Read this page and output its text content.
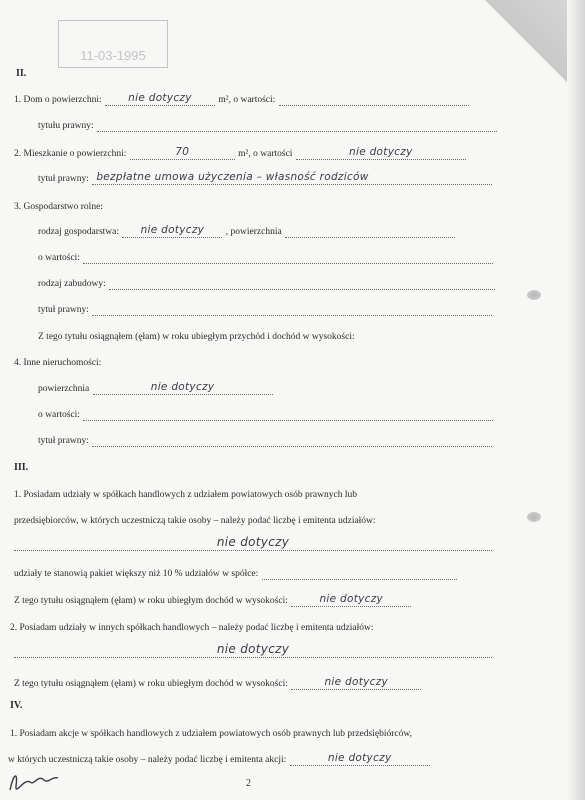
11-03-1995
II.
1. Dom o powierzchni:	nie dotyczy	m², o wartości:
tytułu prawny:
2. Mieszkanie o powierzchni:	70	m², o wartości	nie dotyczy
tytuł prawny: bezpłatne umowa użyczenia – własność rodziców
3. Gospodarstwo rolne:
rodzaj gospodarstwa:	nie dotyczy	, powierzchnia
o wartości:
rodzaj zabudowy:
tytuł prawny:
Z tego tytułu osiągnąłem (ęłam) w roku ubiegłym przychód i dochód w wysokości:
4. Inne nieruchomości:
powierzchnia	nie dotyczy
o wartości:
tytuł prawny:
III.
1. Posiadam udziały w spółkach handlowych z udziałem powiatowych osób prawnych lub
przedsiębiorców, w których uczestniczą takie osoby – należy podać liczbę i emitenta udziałów:
nie dotyczy
udziały te stanowią pakiet większy niż 10 % udziałów w spółce:
Z tego tytułu osiągnąłem (ęłam) w roku ubiegłym dochód w wysokości:	nie dotyczy
2. Posiadam udziały w innych spółkach handlowych – należy podać liczbę i emitenta udziałów:
nie dotyczy
Z tego tytułu osiągnąłem (ęłam) w roku ubiegłym dochód w wysokości:	nie dotyczy
IV.
1. Posiadam akcje w spółkach handlowych z udziałem powiatowych osób prawnych lub przedsiębiórców,
w których uczestniczą takie osoby – należy podać liczbę i emitenta akcji:	nie dotyczy
2
